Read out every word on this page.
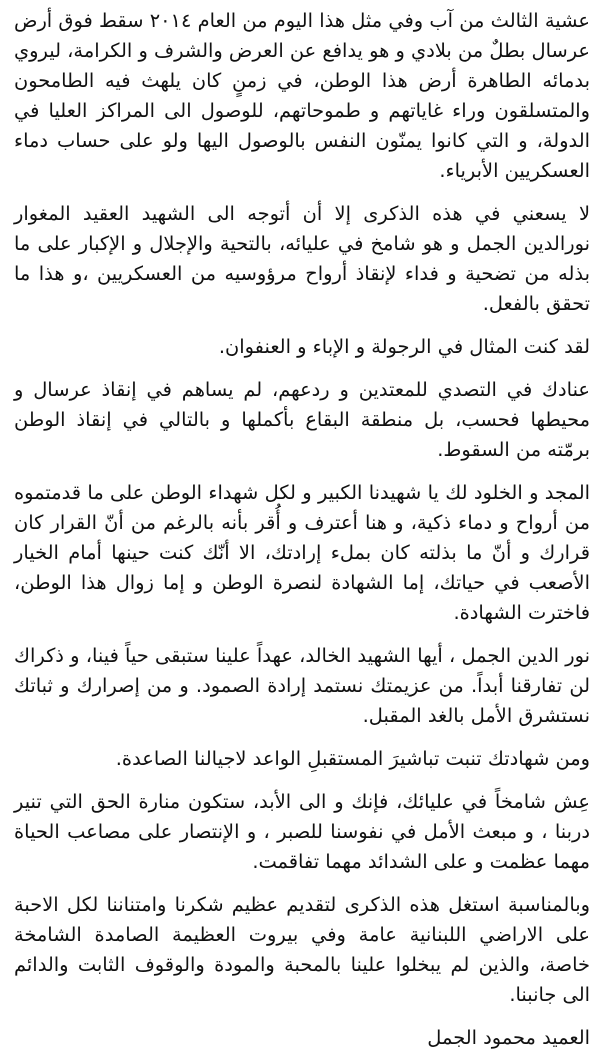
عشية الثالث من آب وفي مثل هذا اليوم من العام ٢٠١٤ سقط فوق أرض عرسال بطلٌ من بلادي و هو يدافع عن العرض والشرف و الكرامة، ليروي بدمائه الطاهرة أرض هذا الوطن، في زمنٍ كان يلهث فيه الطامحون والمتسلقون وراء غاياتهم و طموحاتهم، للوصول الى المراكز العليا في الدولة، و التي كانوا يمنّون النفس بالوصول اليها ولو على حساب دماء العسكريين الأبرياء.

لا يسعني في هذه الذكرى إلا أن أتوجه الى الشهيد العقيد المغوار نورالدين الجمل و هو شامخ في عليائه، بالتحية والإجلال و الإكبار على ما بذله من تضحية و فداء لإنقاذ أرواح مرؤوسيه من العسكريين ،و هذا ما تحقق بالفعل.

لقد كنت المثال في الرجولة و الإباء و العنفوان.

عنادك في التصدي للمعتدين و ردعهم، لم يساهم في إنقاذ عرسال و محيطها فحسب، بل منطقة البقاع بأكملها و بالتالي في إنقاذ الوطن برمّته من السقوط.

المجد و الخلود لك يا شهيدنا الكبير و لكل شهداء الوطن على ما قدمتموه من أرواح و دماء ذكية، و هنا أعترف و أُقر بأنه بالرغم من أنّ القرار كان قرارك و أنّ ما بذلته كان بملء إرادتك، الا أنّك كنت حينها أمام الخيار الأصعب في حياتك، إما الشهادة لنصرة الوطن و إما زوال هذا الوطن، فاخترت الشهادة.

نور الدين الجمل ، أيها الشهيد الخالد، عهداً علينا ستبقى حياً فينا، و ذكراك لن تفارقنا أبداً. من عزيمتك نستمد إرادة الصمود. و من إصرارك و ثباتك نستشرق الأمل بالغد المقبل.

ومن شهادتك تنبت تباشيرَ المستقبلِ الواعد لاجيالنا الصاعدة.

عِش شامخاً في عليائك، فإنك و الى الأبد، ستكون منارة الحق التي تنير دربنا ، و مبعث الأمل في نفوسنا للصبر ، و الإنتصار على مصاعب الحياة مهما عظمت و على الشدائد مهما تفاقمت.

وبالمناسبة استغل هذه الذكرى لتقديم عظيم شكرنا وامتناننا لكل الاحبة على الاراضي اللبنانية عامة وفي بيروت العظيمة الصامدة الشامخة خاصة، والذين لم يبخلوا علينا بالمحبة والمودة والوقوف الثابت والدائم الى جانبنا.

العميد محمود الجمل
